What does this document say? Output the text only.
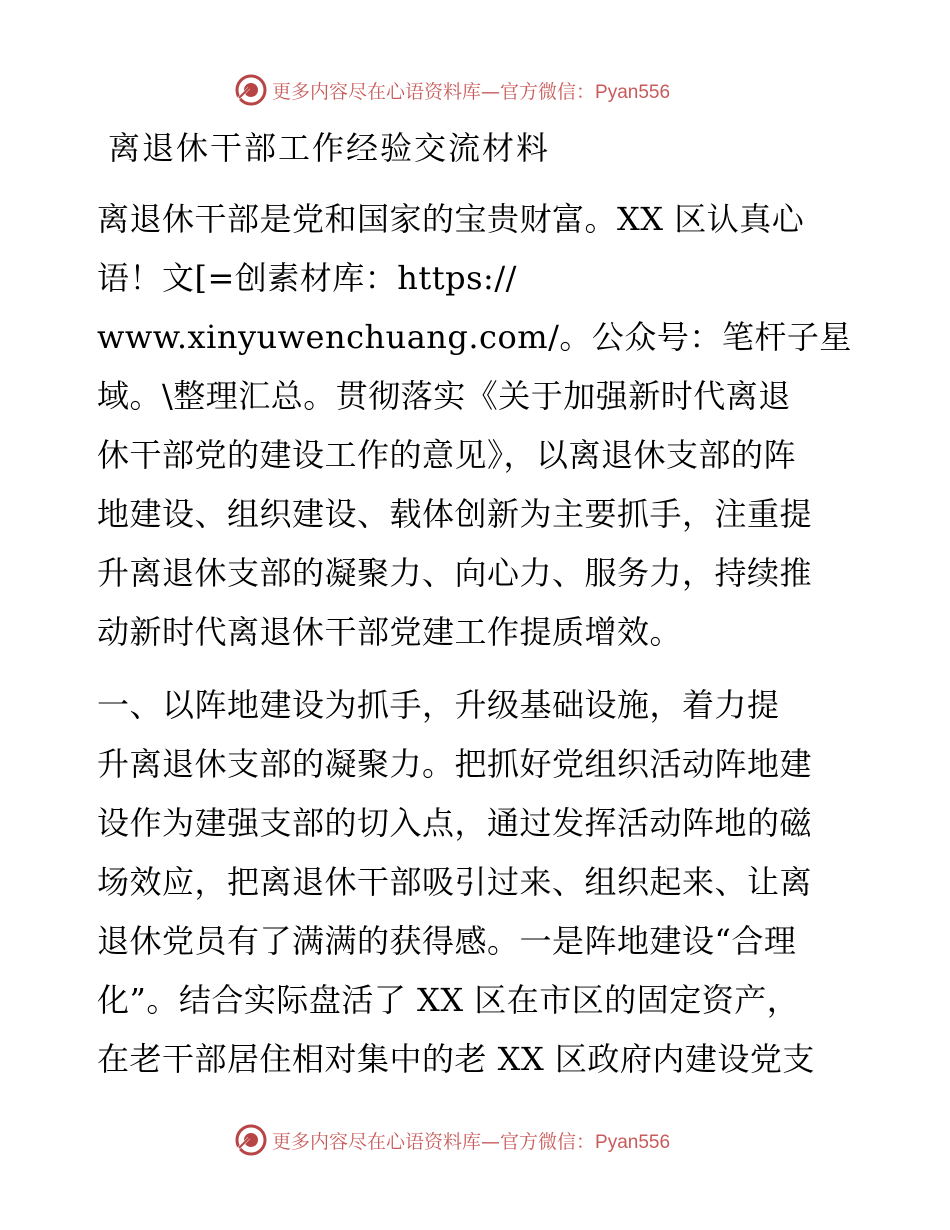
更多内容尽在心语资料库—官方微信：Pyan556
离退休干部工作经验交流材料

离退休干部是党和国家的宝贵财富。XX 区认真心
语！文[=创素材库：https://
www.xinyuwenchuang.com/。公众号：笔杆子星
域。\整理汇总。贯彻落实《关于加强新时代离退
休干部党的建设工作的意见》，以离退休支部的阵
地建设、组织建设、载体创新为主要抓手，注重提
升离退休支部的凝聚力、向心力、服务力，持续推
动新时代离退休干部党建工作提质增效。

一、以阵地建设为抓手，升级基础设施，着力提
升离退休支部的凝聚力。把抓好党组织活动阵地建
设作为建强支部的切入点，通过发挥活动阵地的磁
场效应，把离退休干部吸引过来、组织起来、让离
退休党员有了满满的获得感。一是阵地建设“合理
化”。结合实际盘活了 XX 区在市区的固定资产，
在老干部居住相对集中的老 XX 区政府内建设党支

更多内容尽在心语资料库—官方微信：Pyan556
